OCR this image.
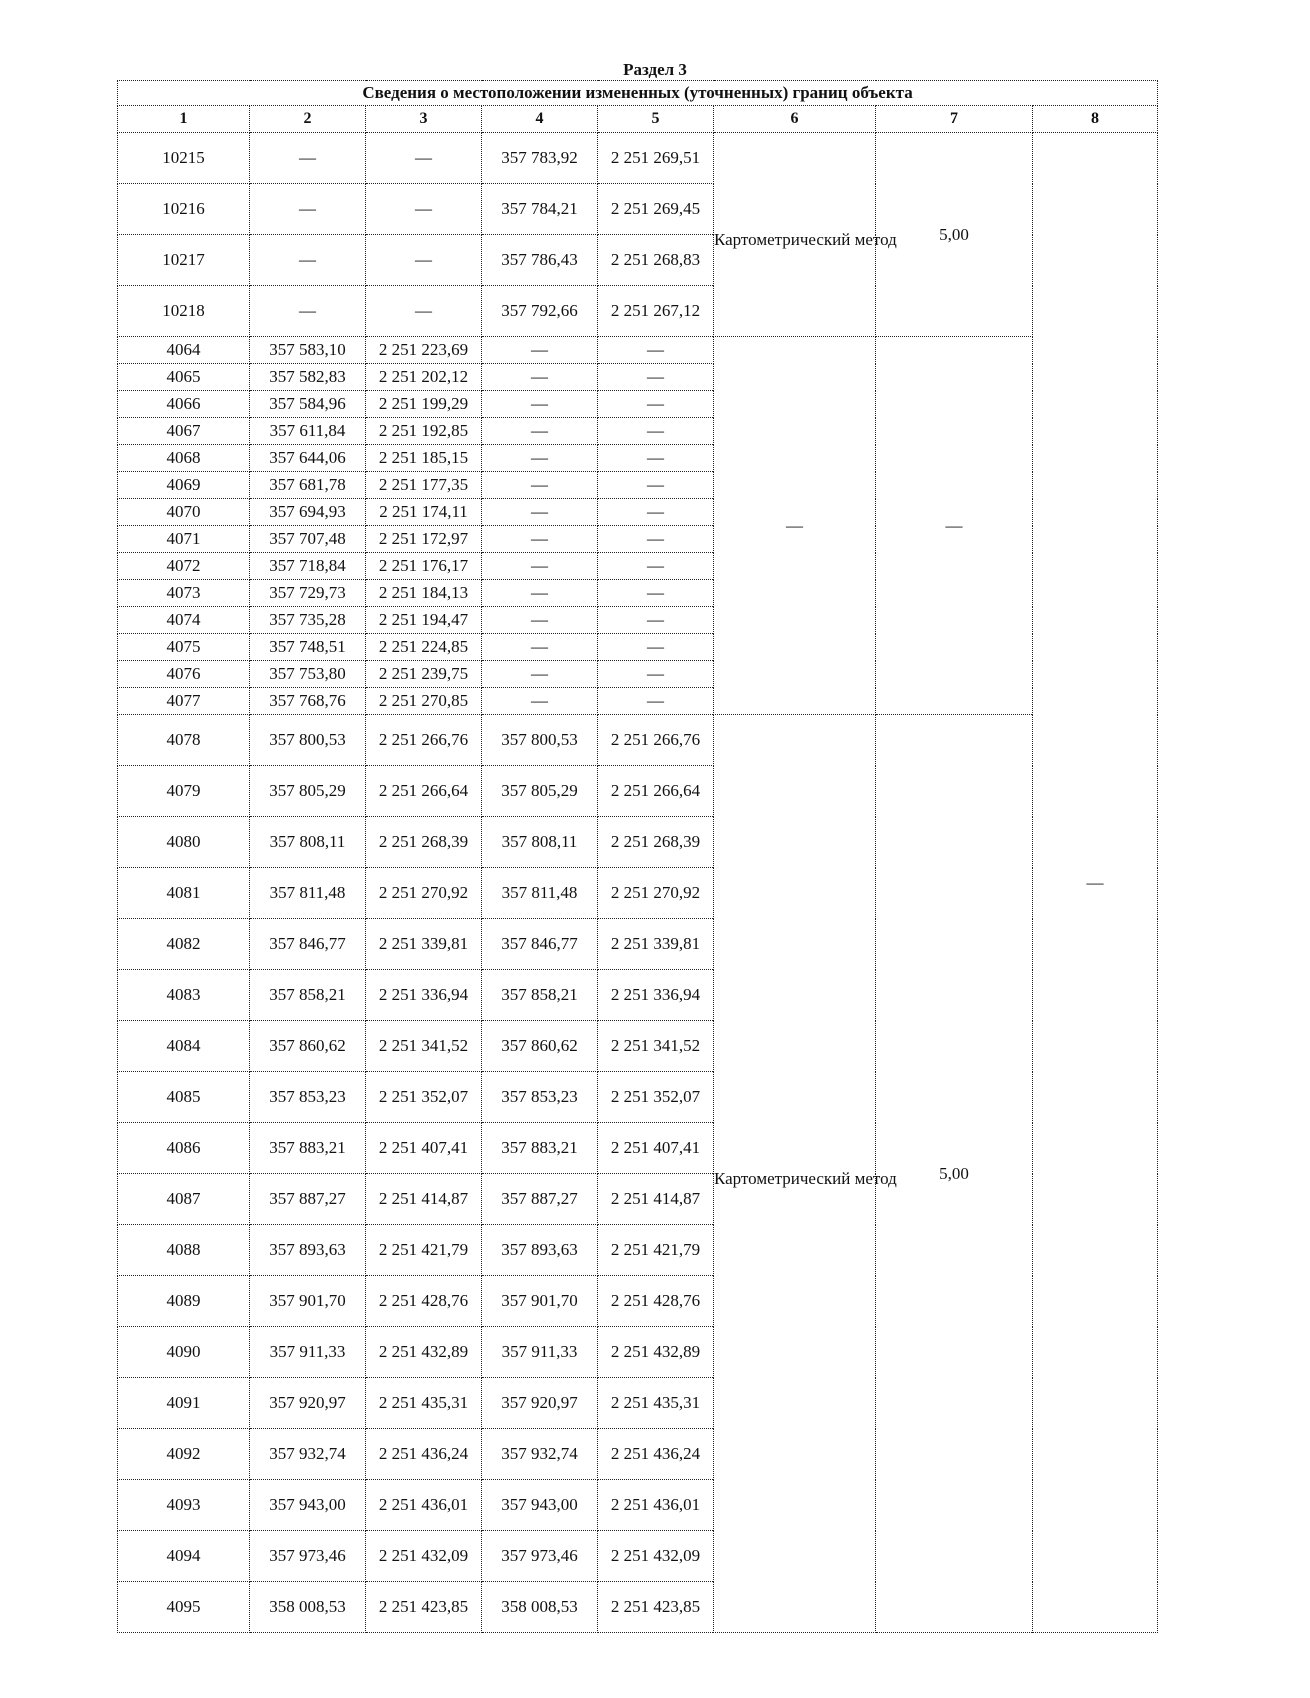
Раздел 3
Сведения о местоположении измененных (уточненных) границ объекта							
1	2	3	4	5	6	7	8
10215	—	—	357 783,92	2 251 269,51	Картометрический метод	5,00	—
10216	—	—	357 784,21	2 251 269,45			
10217	—	—	357 786,43	2 251 268,83			
10218	—	—	357 792,66	2 251 267,12			
4064	357 583,10	2 251 223,69	—	—	—	—	
4065	357 582,83	2 251 202,12	—	—			
4066	357 584,96	2 251 199,29	—	—			
4067	357 611,84	2 251 192,85	—	—			
4068	357 644,06	2 251 185,15	—	—			
4069	357 681,78	2 251 177,35	—	—			
4070	357 694,93	2 251 174,11	—	—			
4071	357 707,48	2 251 172,97	—	—			
4072	357 718,84	2 251 176,17	—	—			
4073	357 729,73	2 251 184,13	—	—			
4074	357 735,28	2 251 194,47	—	—			
4075	357 748,51	2 251 224,85	—	—			
4076	357 753,80	2 251 239,75	—	—			
4077	357 768,76	2 251 270,85	—	—			
4078	357 800,53	2 251 266,76	357 800,53	2 251 266,76	Картометрический метод	5,00	
4079	357 805,29	2 251 266,64	357 805,29	2 251 266,64			
4080	357 808,11	2 251 268,39	357 808,11	2 251 268,39			
4081	357 811,48	2 251 270,92	357 811,48	2 251 270,92			
4082	357 846,77	2 251 339,81	357 846,77	2 251 339,81			
4083	357 858,21	2 251 336,94	357 858,21	2 251 336,94			
4084	357 860,62	2 251 341,52	357 860,62	2 251 341,52			
4085	357 853,23	2 251 352,07	357 853,23	2 251 352,07			
4086	357 883,21	2 251 407,41	357 883,21	2 251 407,41			
4087	357 887,27	2 251 414,87	357 887,27	2 251 414,87			
4088	357 893,63	2 251 421,79	357 893,63	2 251 421,79			
4089	357 901,70	2 251 428,76	357 901,70	2 251 428,76			
4090	357 911,33	2 251 432,89	357 911,33	2 251 432,89			
4091	357 920,97	2 251 435,31	357 920,97	2 251 435,31			
4092	357 932,74	2 251 436,24	357 932,74	2 251 436,24			
4093	357 943,00	2 251 436,01	357 943,00	2 251 436,01			
4094	357 973,46	2 251 432,09	357 973,46	2 251 432,09			
4095	358 008,53	2 251 423,85	358 008,53	2 251 423,85			
